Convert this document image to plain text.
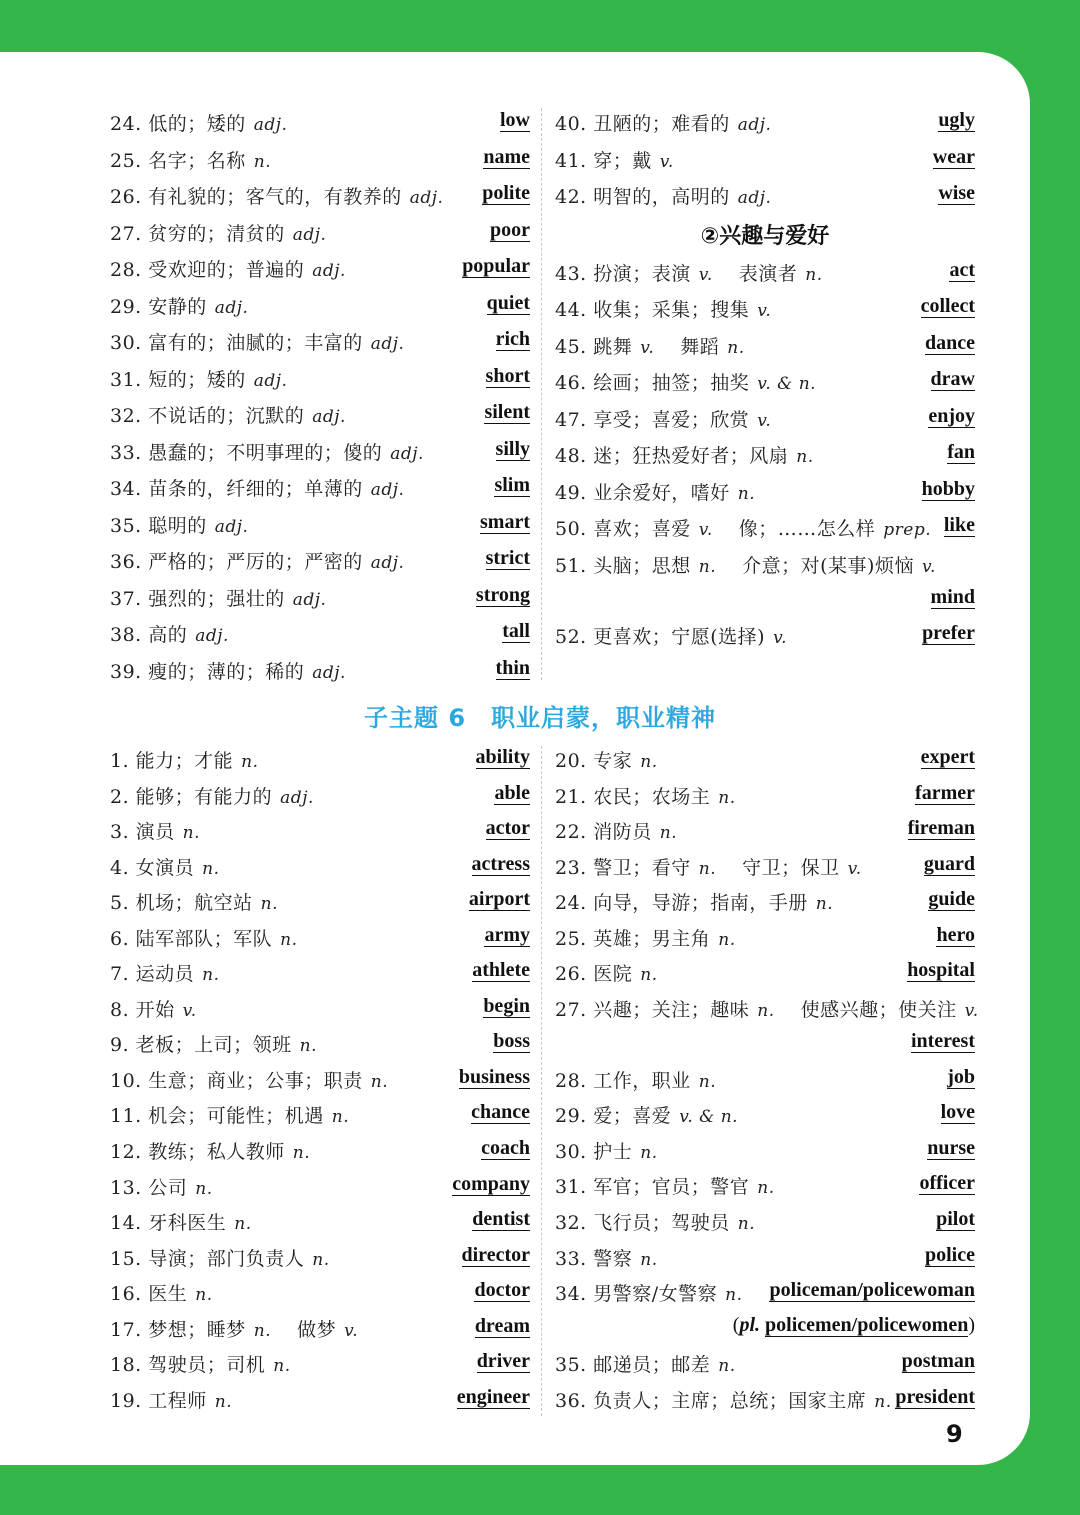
24. 低的；矮的 adj.	low
25. 名字；名称 n.	name
26. 有礼貌的；客气的，有教养的 adj. polite
27. 贫穷的；清贫的 adj.	poor
28. 受欢迎的；普遍的 adj.	popular
29. 安静的 adj.	quiet
30. 富有的；油腻的；丰富的 adj.	rich
31. 短的；矮的 adj.	short
32. 不说话的；沉默的 adj.	silent
33. 愚蠢的；不明事理的；傻的 adj.	silly
34. 苗条的，纤细的；单薄的 adj.	slim
35. 聪明的 adj.	smart
36. 严格的；严厉的；严密的 adj.	strict
37. 强烈的；强壮的 adj.	strong
38. 高的 adj.	tall
39. 瘦的；薄的；稀的 adj.	thin
40. 丑陋的；难看的 adj.	ugly
41. 穿；戴 v.	wear
42. 明智的，高明的 adj.	wise
②兴趣与爱好
43. 扮演；表演 v. 表演者 n.	act
44. 收集；采集；搜集 v.	collect
45. 跳舞 v. 舞蹈 n.	dance
46. 绘画；抽签；抽奖 v. & n.	draw
47. 享受；喜爱；欣赏 v.	enjoy
48. 迷；狂热爱好者；风扇 n.	fan
49. 业余爱好，嗜好 n.	hobby
50. 喜欢；喜爱 v. 像；……怎么样 prep. like
51. 头脑；思想 n. 介意；对(某事)烦恼 v.
mind
52. 更喜欢；宁愿(选择) v.	prefer
子主题 6　职业启蒙，职业精神
1. 能力；才能 n.	ability
2. 能够；有能力的 adj.	able
3. 演员 n.	actor
4. 女演员 n.	actress
5. 机场；航空站 n.	airport
6. 陆军部队；军队 n.	army
7. 运动员 n.	athlete
8. 开始 v.	begin
9. 老板；上司；领班 n.	boss
10. 生意；商业；公事；职责 n.	business
11. 机会；可能性；机遇 n.	chance
12. 教练；私人教师 n.	coach
13. 公司 n.	company
14. 牙科医生 n.	dentist
15. 导演；部门负责人 n.	director
16. 医生 n.	doctor
17. 梦想；睡梦 n. 做梦 v.	dream
18. 驾驶员；司机 n.	driver
19. 工程师 n.	engineer
20. 专家 n.	expert
21. 农民；农场主 n.	farmer
22. 消防员 n.	fireman
23. 警卫；看守 n. 守卫；保卫 v.	guard
24. 向导，导游；指南，手册 n.	guide
25. 英雄；男主角 n.	hero
26. 医院 n.	hospital
27. 兴趣；关注；趣味 n. 使感兴趣；使关注 v.
interest
28. 工作，职业 n.	job
29. 爱；喜爱 v. & n.	love
30. 护士 n.	nurse
31. 军官；官员；警官 n.	officer
32. 飞行员；驾驶员 n.	pilot
33. 警察 n.	police
34. 男警察/女警察 n. policeman/policewoman
(pl. policemen/policewomen)
35. 邮递员；邮差 n.	postman
36. 负责人；主席；总统；国家主席 n. president
9
